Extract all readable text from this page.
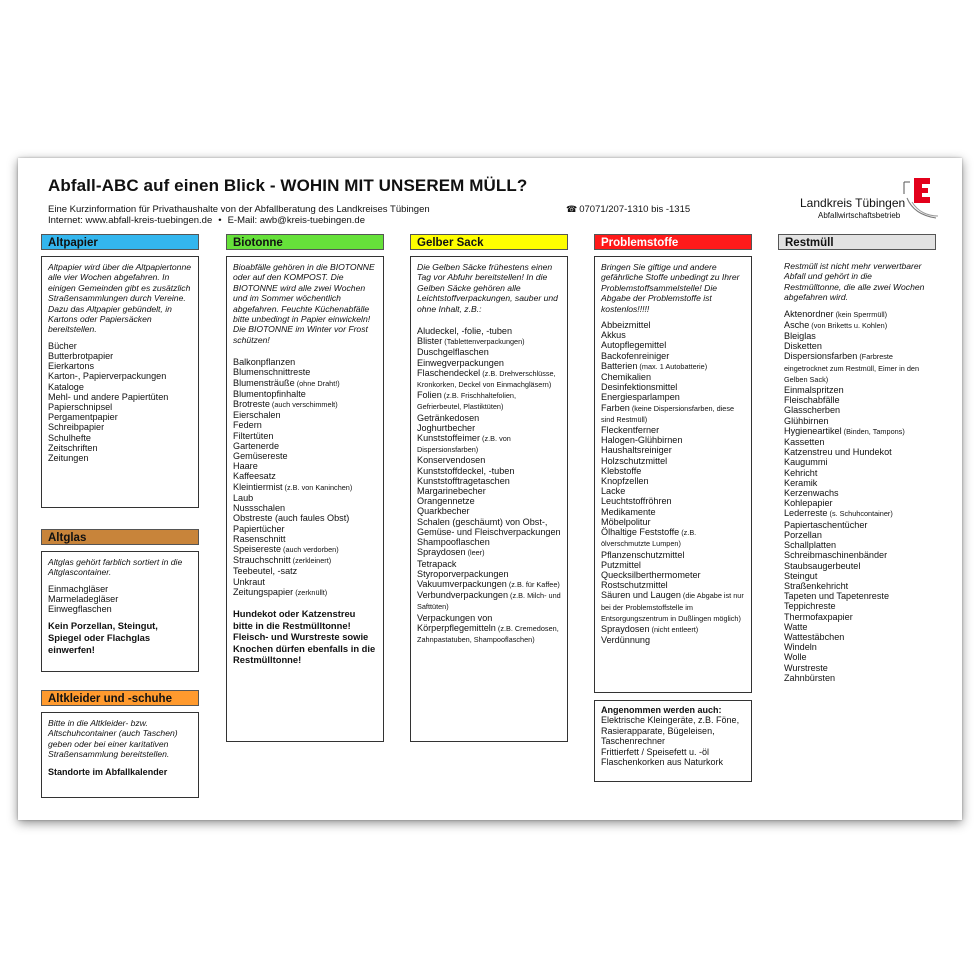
Abfall-ABC auf einen Blick - WOHIN MIT UNSEREM MÜLL?
Eine Kurzinformation für Privathaushalte von der Abfallberatung des Landkreises Tübingen
Internet: www.abfall-kreis-tuebingen.de • E-Mail: awb@kreis-tuebingen.de
☎ 07071/207-1310 bis -1315	Landkreis Tübingen
Abfallwirtschaftsbetrieb
Altpapier
Altpapier wird über die Altpapiertonne alle vier Wochen abgefahren. In einigen Gemeinden gibt es zusätzlich Straßensammlungen durch Vereine. Dazu das Altpapier gebündelt, in Kartons oder Papiersäcken bereitstellen.
Bücher
Butterbrotpapier
Eierkartons
Karton-, Papierverpackungen
Kataloge
Mehl- und andere Papiertüten
Papierschnipsel
Pergamentpapier
Schreibpapier
Schulhefte
Zeitschriften
Zeitungen
Altglas
Altglas gehört farblich sortiert in die Altglascontainer.
Einmachgläser
Marmeladegläser
Einwegflaschen
Kein Porzellan, Steingut, Spiegel oder Flachglas einwerfen!
Altkleider und -schuhe
Bitte in die Altkleider- bzw. Altschuhcontainer (auch Taschen) geben oder bei einer karitativen Straßensammlung bereitstellen.
Standorte im Abfallkalender
Biotonne
Bioabfälle gehören in die BIOTONNE oder auf den KOMPOST. Die BIOTONNE wird alle zwei Wochen und im Sommer wöchentlich abgefahren. Feuchte Küchenabfälle bitte unbedingt in Papier einwickeln! Die BIOTONNE im Winter vor Frost schützen!
Balkonpflanzen
Blumenschnittreste
Blumensträuße (ohne Draht!)
Blumentopfinhalte
Brotreste (auch verschimmelt)
Eierschalen
Federn
Filtertüten
Gartenerde
Gemüsereste
Haare
Kaffeesatz
Kleintiermist (z.B. von Kaninchen)
Laub
Nussschalen
Obstreste (auch faules Obst)
Papiertücher
Rasenschnitt
Speisereste (auch verdorben)
Strauchschnitt (zerkleinert)
Teebeutel, -satz
Unkraut
Zeitungspapier (zerknüllt)
Hundekot oder Katzenstreu bitte in die Restmülltonne! Fleisch- und Wurstreste sowie Knochen dürfen ebenfalls in die Restmülltonne!
Gelber Sack
Die Gelben Säcke frühestens einen Tag vor Abfuhr bereitstellen! In die Gelben Säcke gehören alle Leichtstoffverpackungen, sauber und ohne Inhalt, z.B.:
Aludeckel, -folie, -tuben
Blister (Tablettenverpackungen)
Duschgelflaschen
Einwegverpackungen
Flaschendeckel (z.B. Drehverschlüsse, Kronkorken, Deckel von Einmachgläsern)
Folien (z.B. Frischhaltefolien, Gefrierbeutel, Plastiktüten)
Getränkedosen
Joghurtbecher
Kunststoffeimer (z.B. von Dispersionsfarben)
Konservendosen
Kunststoffdeckel, -tuben
Kunststofftragetaschen
Margarinebecher
Orangennetze
Quarkbecher
Schalen (geschäumt) von Obst-, Gemüse- und Fleischverpackungen
Shampooflaschen
Spraydosen (leer)
Tetrapack
Styroporverpackungen
Vakuumverpackungen (z.B. für Kaffee)
Verbundverpackungen (z.B. Milch- und Safttüten)
Verpackungen von Körperpflegemitteln (z.B. Cremedosen, Zahnpastatuben, Shampooflaschen)
Problemstoffe
Bringen Sie giftige und andere gefährliche Stoffe unbedingt zu Ihrer Problemstoffsammelstelle! Die Abgabe der Problemstoffe ist kostenlos!!!!!
Abbeizmittel
Akkus
Autopflegemittel
Backofenreiniger
Batterien (max. 1 Autobatterie)
Chemikalien
Desinfektionsmittel
Energiesparlampen
Farben (keine Dispersionsfarben, diese sind Restmüll)
Fleckentferner
Halogen-Glühbirnen
Haushaltsreiniger
Holzschutzmittel
Klebstoffe
Knopfzellen
Lacke
Leuchtstoffröhren
Medikamente
Möbelpolitur
Ölhaltige Feststoffe (z.B. ölverschmutzte Lumpen)
Pflanzenschutzmittel
Putzmittel
Quecksilberthermometer
Rostschutzmittel
Säuren und Laugen (die Abgabe ist nur bei der Problemstoffstelle im Entsorgungszentrum in Dußlingen möglich)
Spraydosen (nicht entleert)
Verdünnung
Angenommen werden auch:
Elektrische Kleingeräte, z.B. Föne, Rasierapparate, Bügeleisen, Taschenrechner
Frittierfett / Speisefett u. -öl Flaschenkorken aus Naturkork
Restmüll
Restmüll ist nicht mehr verwertbarer Abfall und gehört in die Restmülltonne, die alle zwei Wochen abgefahren wird.
Aktenordner (kein Sperrmüll)
Asche (von Briketts u. Kohlen)
Bleiglas
Disketten
Dispersionsfarben (Farbreste eingetrocknet zum Restmüll, Eimer in den Gelben Sack)
Einmalspritzen
Fleischabfälle
Glasscherben
Glühbirnen
Hygieneartikel (Binden, Tampons)
Kassetten
Katzenstreu und Hundekot
Kaugummi
Kehricht
Keramik
Kerzenwachs
Kohlepapier
Lederreste (s. Schuhcontainer)
Papiertaschentücher
Porzellan
Schallplatten
Schreibmaschinenbänder
Staubsaugerbeutel
Steingut
Straßenkehricht
Tapeten und Tapetenreste
Teppichreste
Thermofaxpapier
Watte
Wattestäbchen
Windeln
Wolle
Wurstreste
Zahnbürsten
